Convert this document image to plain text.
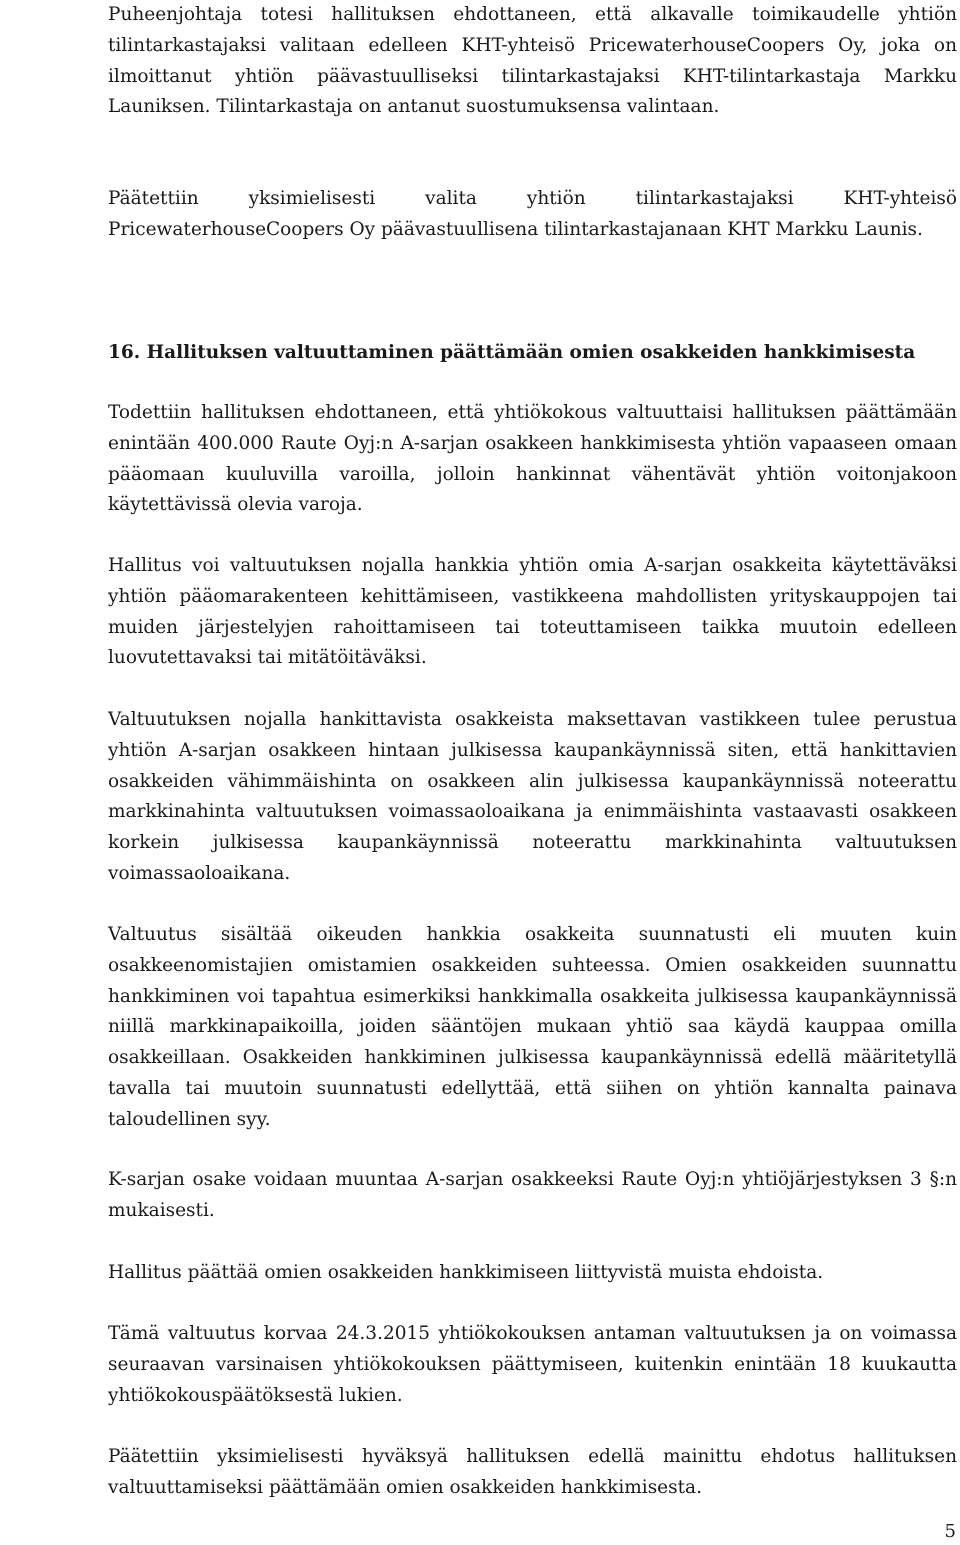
Puheenjohtaja totesi hallituksen ehdottaneen, että alkavalle toimikaudelle yhtiön tilintarkastajaksi valitaan edelleen KHT-yhteisö PricewaterhouseCoopers Oy, joka on ilmoittanut yhtiön päävastuulliseksi tilintarkastajaksi KHT-tilintarkastaja Markku Launiksen. Tilintarkastaja on antanut suostumuksensa valintaan.

Päätettiin yksimielisesti valita yhtiön tilintarkastajaksi KHT-yhteisö PricewaterhouseCoopers Oy päävastuullisena tilintarkastajanaan KHT Markku Launis.

16. Hallituksen valtuuttaminen päättämään omien osakkeiden hankkimisesta

Todettiin hallituksen ehdottaneen, että yhtiökokous valtuuttaisi hallituksen päättämään enintään 400.000 Raute Oyj:n A-sarjan osakkeen hankkimisesta yhtiön vapaaseen omaan pääomaan kuuluvilla varoilla, jolloin hankinnat vähentävät yhtiön voitonjakoon käytettävissä olevia varoja.

Hallitus voi valtuutuksen nojalla hankkia yhtiön omia A-sarjan osakkeita käytettäväksi yhtiön pääomarakenteen kehittämiseen, vastikkeena mahdollisten yrityskauppojen tai muiden järjestelyjen rahoittamiseen tai toteuttamiseen taikka muutoin edelleen luovutettavaksi tai mitätöitäväksi.

Valtuutuksen nojalla hankittavista osakkeista maksettavan vastikkeen tulee perustua yhtiön A-sarjan osakkeen hintaan julkisessa kaupankäynnissä siten, että hankittavien osakkeiden vähimmäishinta on osakkeen alin julkisessa kaupankäynnissä noteerattu markkinahinta valtuutuksen voimassaoloaikana ja enimmäishinta vastaavasti osakkeen korkein julkisessa kaupankäynnissä noteerattu markkinahinta valtuutuksen voimassaoloaikana.

Valtuutus sisältää oikeuden hankkia osakkeita suunnatusti eli muuten kuin osakkeenomistajien omistamien osakkeiden suhteessa. Omien osakkeiden suunnattu hankkiminen voi tapahtua esimerkiksi hankkimalla osakkeita julkisessa kaupankäynnissä niillä markkinapaikoilla, joiden sääntöjen mukaan yhtiö saa käydä kauppaa omilla osakkeillaan. Osakkeiden hankkiminen julkisessa kaupankäynnissä edellä määritetyllä tavalla tai muutoin suunnatusti edellyttää, että siihen on yhtiön kannalta painava taloudellinen syy.

K-sarjan osake voidaan muuntaa A-sarjan osakkeeksi Raute Oyj:n yhtiöjärjestyksen 3 §:n mukaisesti.

Hallitus päättää omien osakkeiden hankkimiseen liittyvistä muista ehdoista.

Tämä valtuutus korvaa 24.3.2015 yhtiökokouksen antaman valtuutuksen ja on voimassa seuraavan varsinaisen yhtiökokouksen päättymiseen, kuitenkin enintään 18 kuukautta yhtiökokouspäätöksestä lukien.

Päätettiin yksimielisesti hyväksyä hallituksen edellä mainittu ehdotus hallituksen valtuuttamiseksi päättämään omien osakkeiden hankkimisesta.

5
